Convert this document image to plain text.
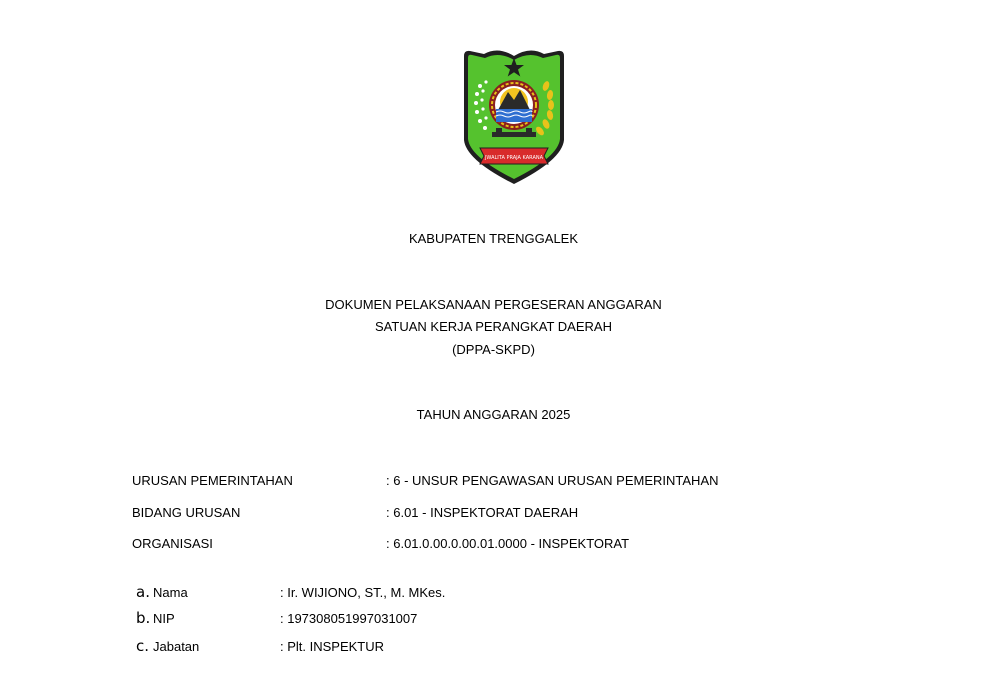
JWALITA PRAJA KARANA
KABUPATEN TRENGGALEK
DOKUMEN PELAKSANAAN PERGESERAN ANGGARAN
SATUAN KERJA PERANGKAT DAERAH
(DPPA-SKPD)
TAHUN ANGGARAN 2025
URUSAN PEMERINTAHAN	: 6 - UNSUR PENGAWASAN URUSAN PEMERINTAHAN
BIDANG URUSAN	: 6.01 - INSPEKTORAT DAERAH
ORGANISASI	: 6.01.0.00.0.00.01.0000 - INSPEKTORAT
a. Nama	: Ir. WIJIONO, ST., M. MKes.
b. NIP	: 197308051997031007
c. Jabatan	: Plt. INSPEKTUR
